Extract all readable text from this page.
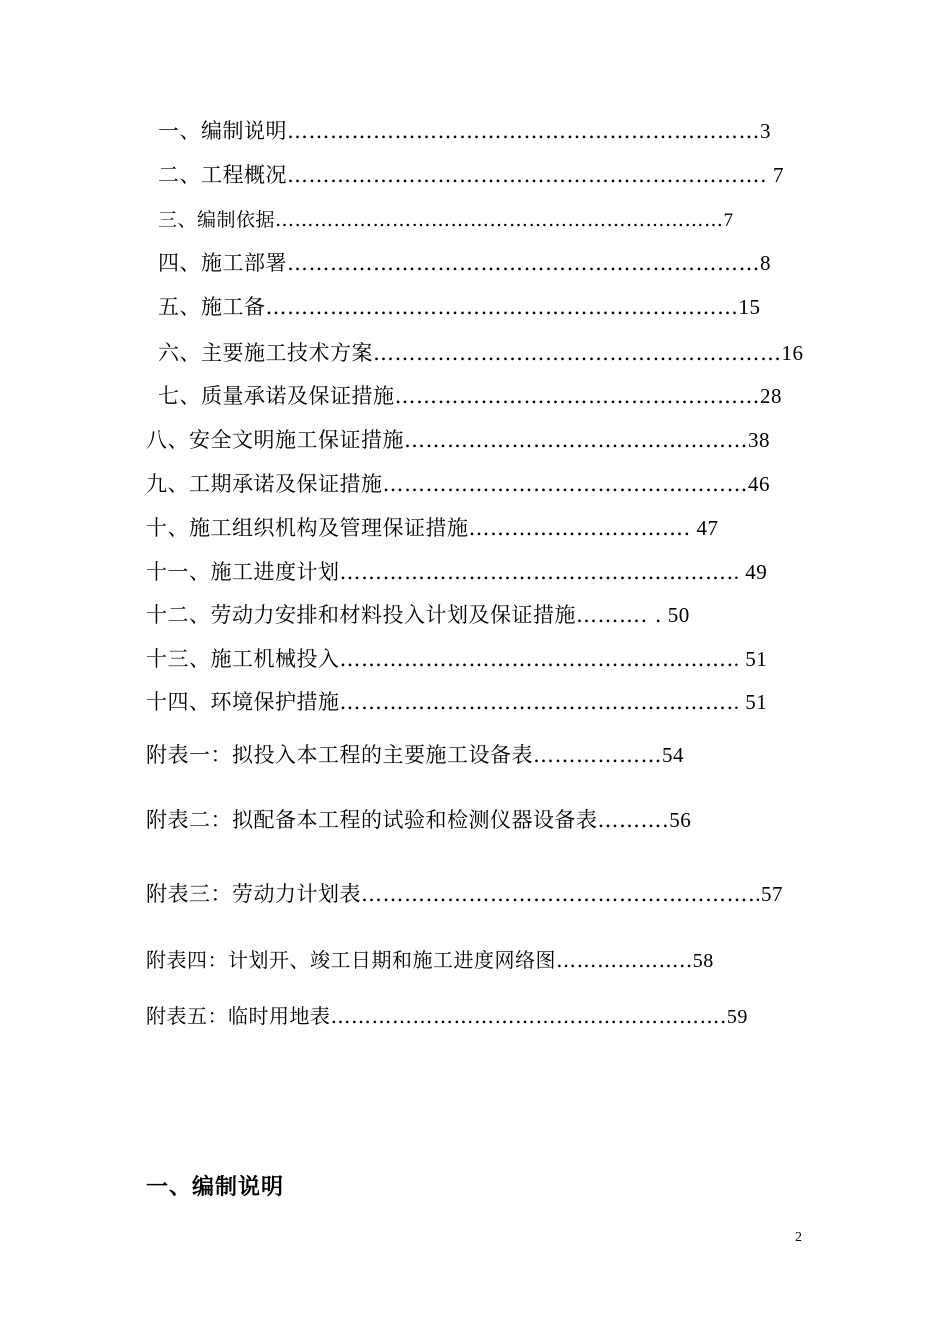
一、编制说明…………………………………………………………3
二、工程概况…………………………………………………………. 7
三、编制依据……………………………………………………………7
四、施工部署…………………………………………………………8
五、施工备…………………………………………………………15
六、主要施工技术方案…………………………………………………16
七、质量承诺及保证措施……………………………………………28
八、安全文明施工保证措施…………………………………………38
九、工期承诺及保证措施……………………………………………46
十、施工组织机构及管理保证措施…………………………. 47
十一、施工进度计划……………………………………………….. 49
十二、劳动力安排和材料投入计划及保证措施………. . 50
十三、施工机械投入……………………………………………….. 51
十四、环境保护措施……………………………………………….. 51
附表一：拟投入本工程的主要施工设备表………………54
附表二：拟配备本工程的试验和检测仪器设备表……….56
附表三：劳动力计划表………………………………………………..57
附表四：计划开、竣工日期和施工进度网络图………………..58
附表五：临时用地表………………………………………………….59
一、编制说明
2
